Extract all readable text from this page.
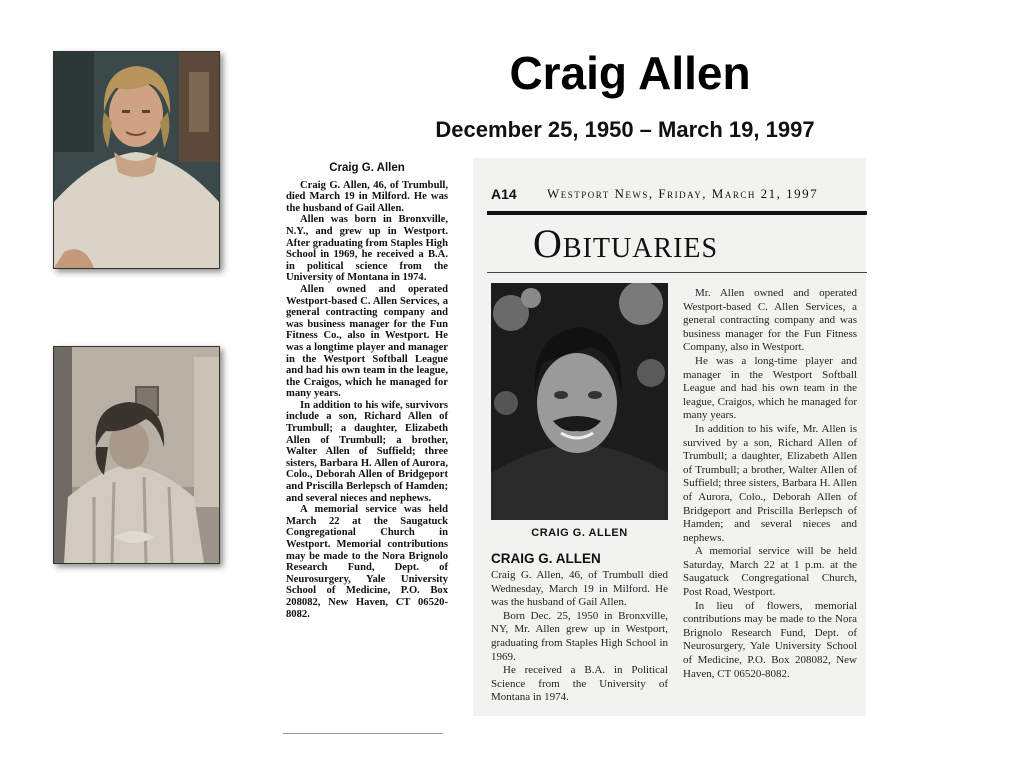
Craig Allen
December 25, 1950 – March 19, 1997
Craig G. Allen

Craig G. Allen, 46, of Trumbull, died March 19 in Milford. He was the husband of Gail Allen.

Allen was born in Bronxville, N.Y., and grew up in Westport. After graduating from Staples High School in 1969, he received a B.A. in political science from the University of Montana in 1974.

Allen owned and operated Westport-based C. Allen Services, a general contracting company and was business manager for the Fun Fitness Co., also in Westport. He was a longtime player and manager in the Westport Softball League and had his own team in the league, the Craigos, which he managed for many years.

In addition to his wife, survivors include a son, Richard Allen of Trumbull; a daughter, Elizabeth Allen of Trumbull; a brother, Walter Allen of Suffield; three sisters, Barbara H. Allen of Aurora, Colo., Deborah Allen of Bridgeport and Priscilla Berlepsch of Hamden; and several nieces and nephews.

A memorial service was held March 22 at the Saugatuck Congregational Church in Westport. Memorial contributions may be made to the Nora Brignolo Research Fund, Dept. of Neurosurgery, Yale University School of Medicine, P.O. Box 208082, New Haven, CT 06520-8082.

A14 Westport News, Friday, March 21, 1997
Obituaries
CRAIG G. ALLEN
CRAIG G. ALLEN

Craig G. Allen, 46, of Trumbull died Wednesday, March 19 in Milford. He was the husband of Gail Allen.

Born Dec. 25, 1950 in Bronxville, NY, Mr. Allen grew up in Westport, graduating from Staples High School in 1969.

He received a B.A. in Political Science from the University of Montana in 1974.

Mr. Allen owned and operated Westport-based C. Allen Services, a general contracting company and was business manager for the Fun Fitness Company, also in Westport.

He was a long-time player and manager in the Westport Softball League and had his own team in the league, Craigos, which he managed for many years.

In addition to his wife, Mr. Allen is survived by a son, Richard Allen of Trumbull; a daughter, Elizabeth Allen of Trumbull; a brother, Walter Allen of Suffield; three sisters, Barbara H. Allen of Aurora, Colo., Deborah Allen of Bridgeport and Priscilla Berlepsch of Hamden; and several nieces and nephews.

A memorial service will be held Saturday, March 22 at 1 p.m. at the Saugatuck Congregational Church, Post Road, Westport.

In lieu of flowers, memorial contributions may be made to the Nora Brignolo Research Fund, Dept. of Neurosurgery, Yale University School of Medicine, P.O. Box 208082, New Haven, CT 06520-8082.
